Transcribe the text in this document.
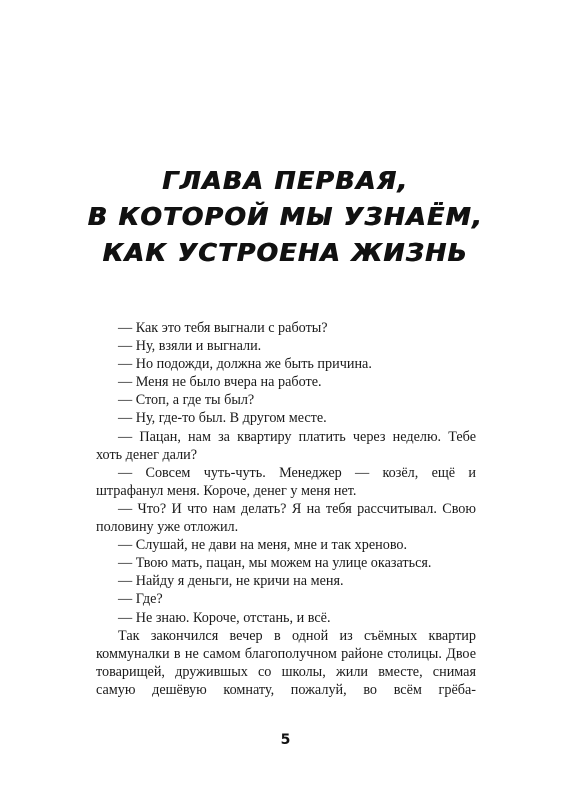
ГЛАВА ПЕРВАЯ,
В КОТОРОЙ МЫ УЗНАЁМ,
КАК УСТРОЕНА ЖИЗНЬ

— Как это тебя выгнали с работы?

— Ну, взяли и выгнали.

— Но подожди, должна же быть причина.

— Меня не было вчера на работе.

— Стоп, а где ты был?

— Ну, где-то был. В другом месте.

— Пацан, нам за квартиру платить через неделю. Тебе хоть денег дали?

— Совсем чуть-чуть. Менеджер — козёл, ещё и штрафанул меня. Короче, денег у меня нет.

— Что? И что нам делать? Я на тебя рассчитывал. Свою половину уже отложил.

— Слушай, не дави на меня, мне и так хреново.

— Твою мать, пацан, мы можем на улице оказаться.

— Найду я деньги, не кричи на меня.

— Где?

— Не знаю. Короче, отстань, и всё.

Так закончился вечер в одной из съёмных квартир коммуналки в не самом благополучном районе столицы. Двое товарищей, дружившых со школы, жили вместе, снимая самую дешёвую комнату, пожалуй, во всём грёба-

5
